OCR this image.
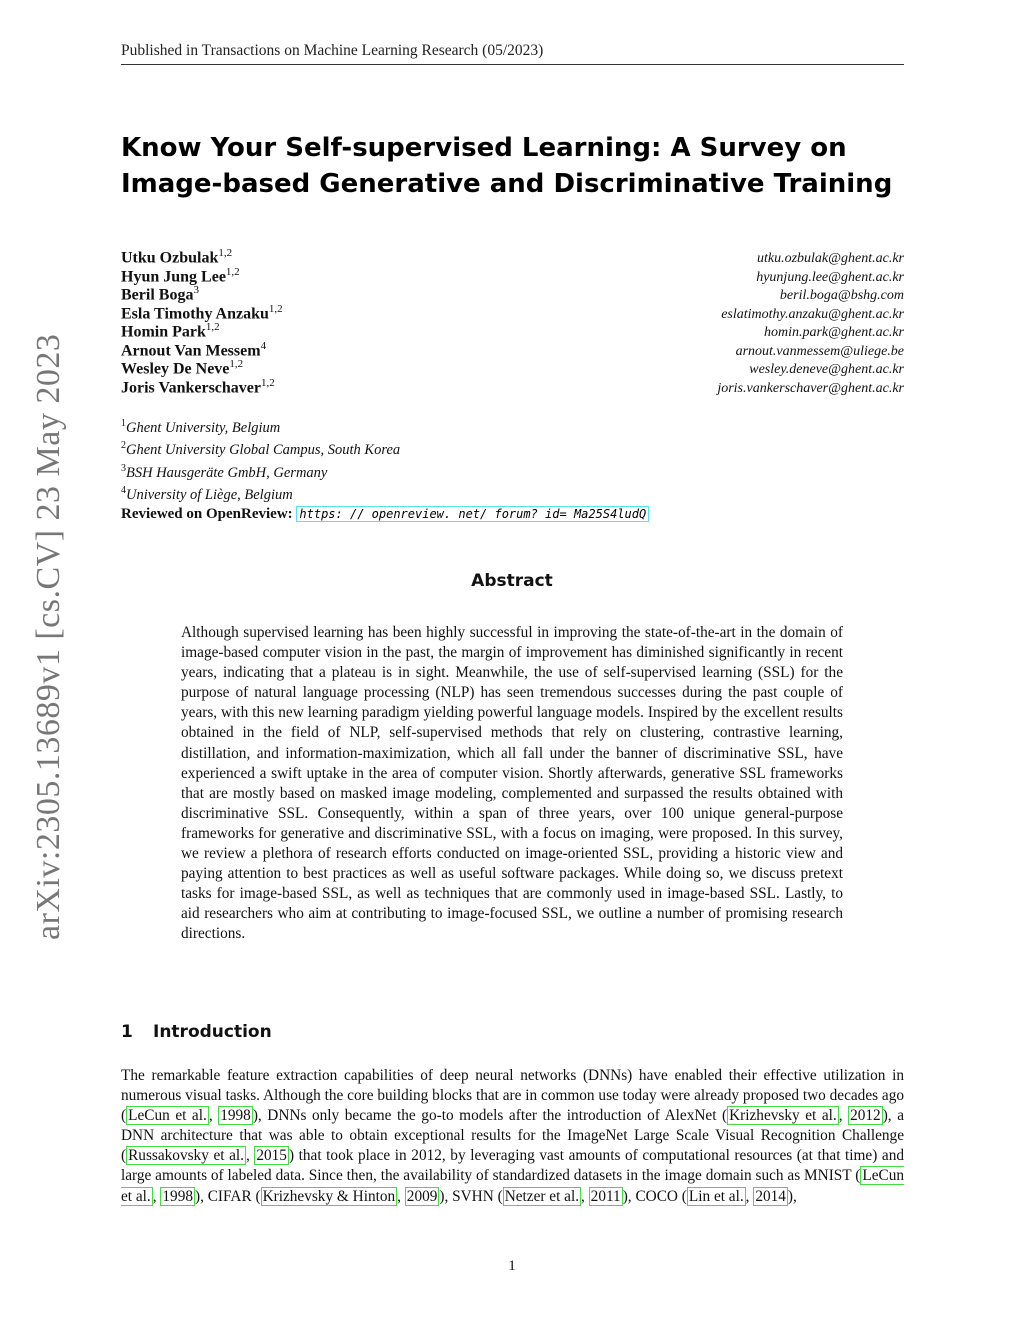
Published in Transactions on Machine Learning Research (05/2023)
arXiv:2305.13689v1 [cs.CV] 23 May 2023
Know Your Self-supervised Learning: A Survey on
Image-based Generative and Discriminative Training
Utku Ozbulak$^{1,2}$	utku.ozbulak@ghent.ac.kr
Hyun Jung Lee$^{1,2}$	hyunjung.lee@ghent.ac.kr
Beril Boga$^3$	beril.boga@bshg.com
Esla Timothy Anzaku$^{1,2}$	eslatimothy.anzaku@ghent.ac.kr
Homin Park$^{1,2}$	homin.park@ghent.ac.kr
Arnout Van Messem$^4$	arnout.vanmessem@uliege.be
Wesley De Neve$^{1,2}$	wesley.deneve@ghent.ac.kr
Joris Vankerschaver$^{1,2}$	joris.vankerschaver@ghent.ac.kr
$^1$Ghent University, Belgium
$^2$Ghent University Global Campus, South Korea
$^3$BSH Hausgeräte GmbH, Germany
$^4$University of Liège, Belgium
Reviewed on OpenReview: https: // openreview. net/ forum? id= Ma25S4ludQ
Abstract

Although supervised learning has been highly successful in improving the state-of-the-art in the domain of image-based computer vision in the past, the margin of improvement has diminished significantly in recent years, indicating that a plateau is in sight. Meanwhile, the use of self-supervised learning (SSL) for the purpose of natural language processing (NLP) has seen tremendous successes during the past couple of years, with this new learning paradigm yielding powerful language models. Inspired by the excellent results obtained in the field of NLP, self-supervised methods that rely on clustering, contrastive learning, distillation, and information-maximization, which all fall under the banner of discriminative SSL, have experienced a swift uptake in the area of computer vision. Shortly afterwards, generative SSL frameworks that are mostly based on masked image modeling, complemented and surpassed the results obtained with discriminative SSL. Consequently, within a span of three years, over 100 unique general-purpose frameworks for generative and discriminative SSL, with a focus on imaging, were proposed. In this survey, we review a plethora of research efforts conducted on image-oriented SSL, providing a historic view and paying attention to best practices as well as useful software packages. While doing so, we discuss pretext tasks for image-based SSL, as well as techniques that are commonly used in image-based SSL. Lastly, to aid researchers who aim at contributing to image-focused SSL, we outline a number of promising research directions.

1 Introduction

The remarkable feature extraction capabilities of deep neural networks (DNNs) have enabled their effective utilization in numerous visual tasks. Although the core building blocks that are in common use today were already proposed two decades ago ( LeCun et al. , 1998 ), DNNs only became the go-to models after the introduction of AlexNet ( Krizhevsky et al. , 2012 ), a DNN architecture that was able to obtain exceptional results for the ImageNet Large Scale Visual Recognition Challenge ( Russakovsky et al. , 2015 ) that took place in 2012, by leveraging vast amounts of computational resources (at that time) and large amounts of labeled data. Since then, the availability of standardized datasets in the image domain such as MNIST ( LeCun et al. , 1998 ), CIFAR ( Krizhevsky & Hinton , 2009 ), SVHN ( Netzer et al. , 2011 ), COCO ( Lin et al. , 2014 ),

1
